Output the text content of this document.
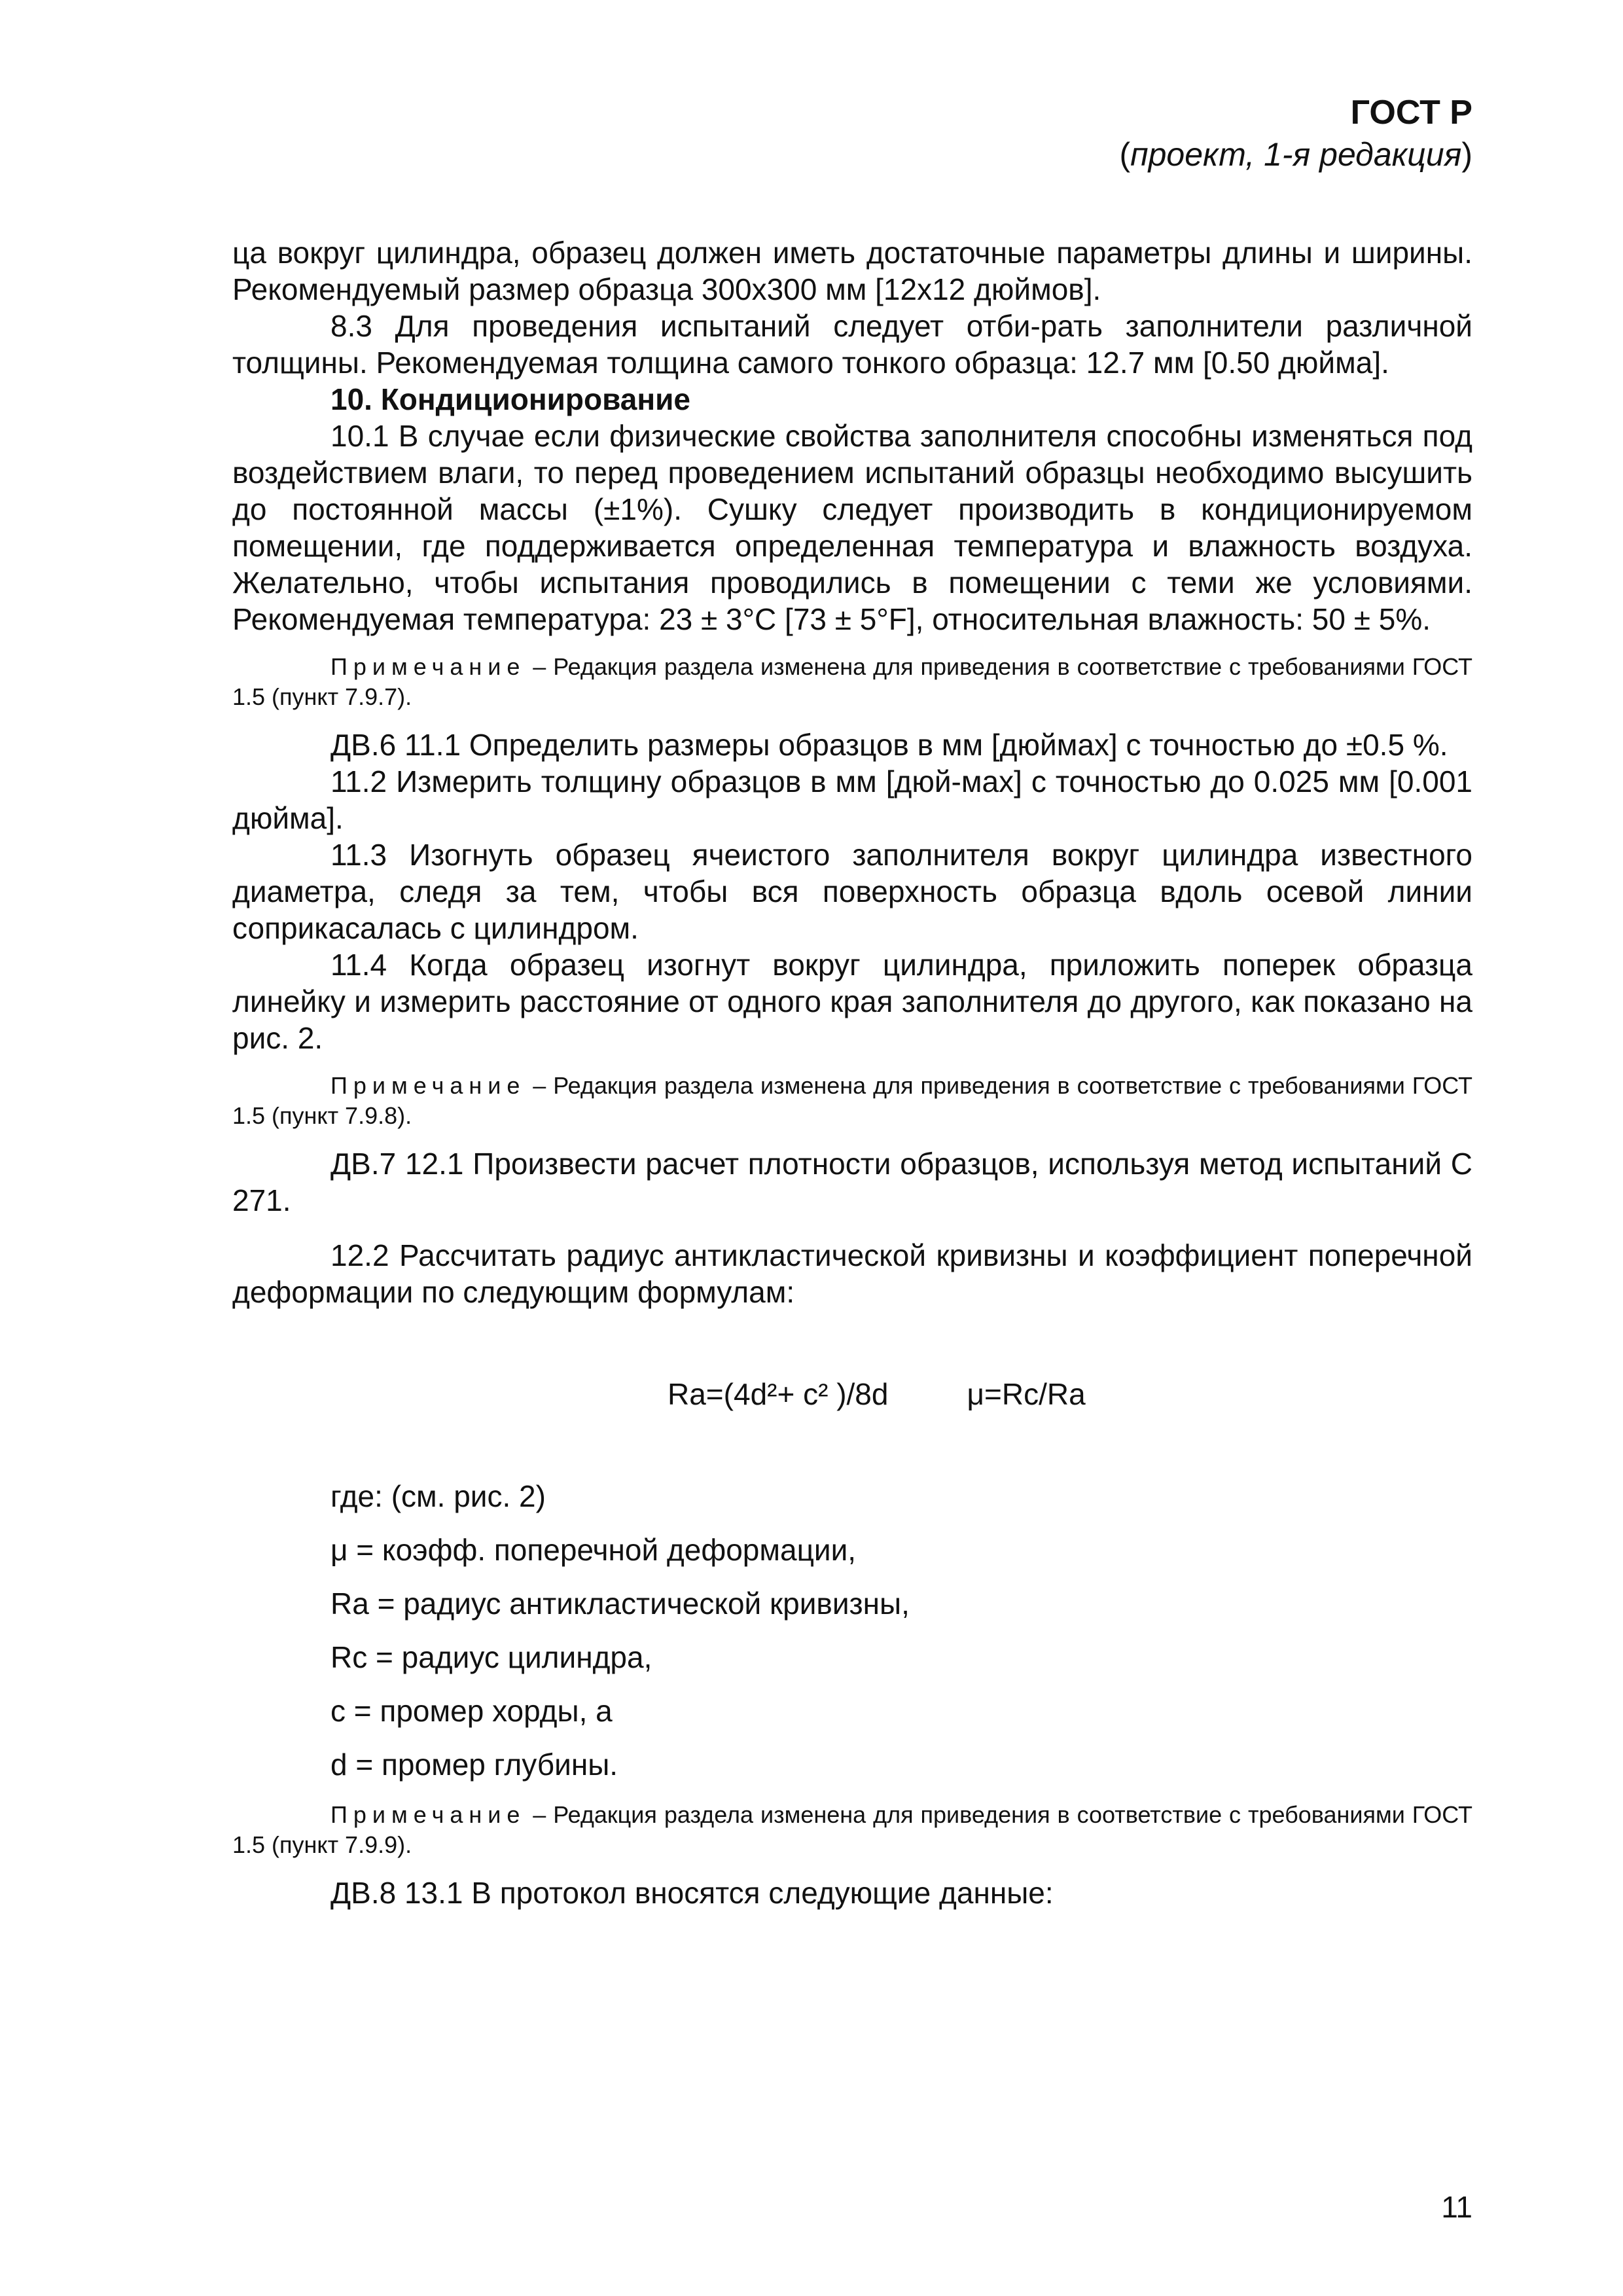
ГОСТ Р
(проект, 1-я редакция)

ца вокруг цилиндра, образец должен иметь достаточные параметры длины и ширины. Рекомендуемый размер образца 300х300 мм [12х12 дюймов].

8.3 Для проведения испытаний следует отби-рать заполнители различной толщины. Рекомендуемая толщина самого тонкого образца: 12.7 мм [0.50 дюйма].

10. Кондиционирование

10.1 В случае если физические свойства заполнителя способны изменяться под воздействием влаги, то перед проведением испытаний образцы необходимо высушить до постоянной массы (±1%). Сушку следует производить в кондиционируемом помещении, где поддерживается определенная температура и влажность воздуха. Желательно, чтобы испытания проводились в помещении с теми же условиями. Рекомендуемая температура: 23 ± 3°С [73 ± 5°F], относительная влажность: 50 ± 5%.

Примечание – Редакция раздела изменена для приведения в соответствие с требованиями ГОСТ 1.5 (пункт 7.9.7).

ДВ.6 11.1 Определить размеры образцов в мм [дюймах] с точностью до ±0.5 %.

11.2 Измерить толщину образцов в мм [дюй-мах] с точностью до 0.025 мм [0.001 дюйма].

11.3 Изогнуть образец ячеистого заполнителя вокруг цилиндра известного диаметра, следя за тем, чтобы вся поверхность образца вдоль осевой линии соприкасалась с цилиндром.

11.4 Когда образец изогнут вокруг цилиндра, приложить поперек образца линейку и измерить расстояние от одного края заполнителя до другого, как показано на рис. 2.

Примечание – Редакция раздела изменена для приведения в соответствие с требованиями ГОСТ 1.5 (пункт 7.9.8).

ДВ.7 12.1 Произвести расчет плотности образцов, используя метод испытаний С 271.

12.2 Рассчитать радиус антикластической кривизны и коэффициент поперечной деформации по следующим формулам:

Ra=(4d²+ c² )/8d	μ=Rc/Ra

где: (см. рис. 2)

μ = коэфф. поперечной деформации,

Ra = радиус антикластической кривизны,

Rc = радиус цилиндра,

c = промер хорды, a

d = промер глубины.

Примечание – Редакция раздела изменена для приведения в соответствие с требованиями ГОСТ 1.5 (пункт 7.9.9).

ДВ.8 13.1 В протокол вносятся следующие данные:

11
